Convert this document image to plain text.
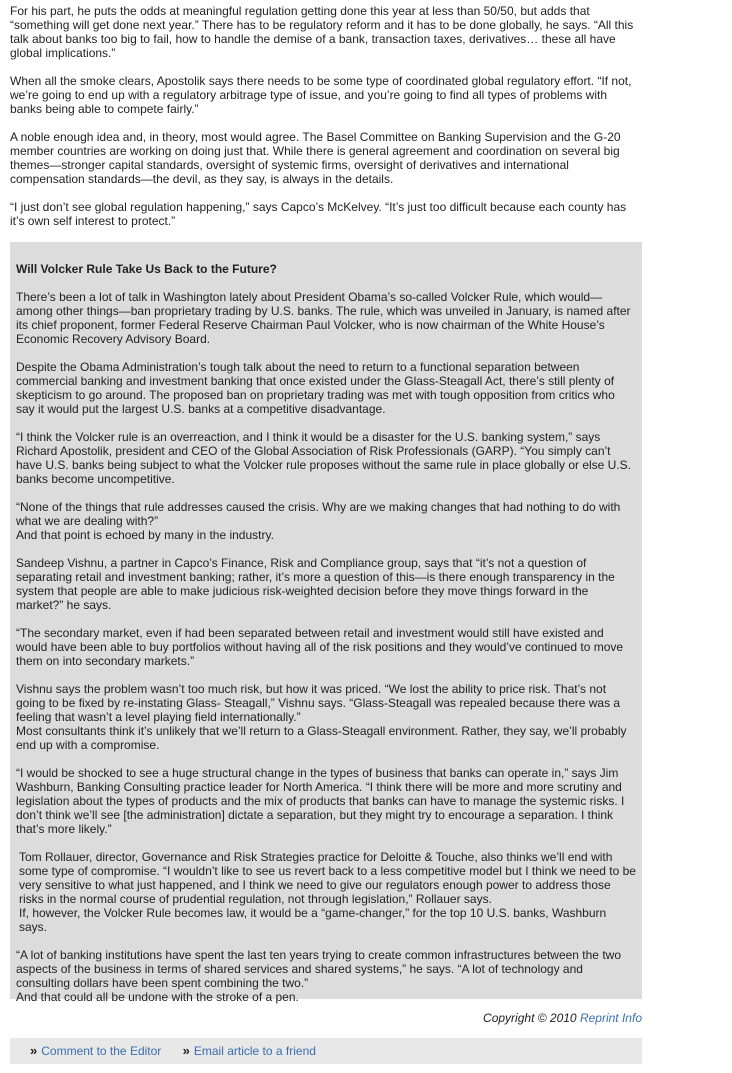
For his part, he puts the odds at meaningful regulation getting done this year at less than 50/50, but adds that “something will get done next year.” There has to be regulatory reform and it has to be done globally, he says. “All this talk about banks too big to fail, how to handle the demise of a bank, transaction taxes, derivatives… these all have global implications.”

When all the smoke clears, Apostolik says there needs to be some type of coordinated global regulatory effort. “If not, we’re going to end up with a regulatory arbitrage type of issue, and you’re going to find all types of problems with banks being able to compete fairly.”

A noble enough idea and, in theory, most would agree. The Basel Committee on Banking Supervision and the G-20 member countries are working on doing just that. While there is general agreement and coordination on several big themes—stronger capital standards, oversight of systemic firms, oversight of derivatives and international compensation standards—the devil, as they say, is always in the details.

“I just don’t see global regulation happening,” says Capco’s McKelvey. “It’s just too difficult because each county has it’s own self interest to protect.”

Will Volcker Rule Take Us Back to the Future?

There’s been a lot of talk in Washington lately about President Obama’s so-called Volcker Rule, which would—among other things—ban proprietary trading by U.S. banks. The rule, which was unveiled in January, is named after its chief proponent, former Federal Reserve Chairman Paul Volcker, who is now chairman of the White House’s Economic Recovery Advisory Board.

Despite the Obama Administration’s tough talk about the need to return to a functional separation between commercial banking and investment banking that once existed under the Glass-Steagall Act, there’s still plenty of skepticism to go around. The proposed ban on proprietary trading was met with tough opposition from critics who say it would put the largest U.S. banks at a competitive disadvantage.

“I think the Volcker rule is an overreaction, and I think it would be a disaster for the U.S. banking system,” says Richard Apostolik, president and CEO of the Global Association of Risk Professionals (GARP). “You simply can’t have U.S. banks being subject to what the Volcker rule proposes without the same rule in place globally or else U.S. banks become uncompetitive.

“None of the things that rule addresses caused the crisis. Why are we making changes that had nothing to do with what we are dealing with?”
And that point is echoed by many in the industry.

Sandeep Vishnu, a partner in Capco’s Finance, Risk and Compliance group, says that “it’s not a question of separating retail and investment banking; rather, it’s more a question of this—is there enough transparency in the system that people are able to make judicious risk-weighted decision before they move things forward in the market?” he says.

“The secondary market, even if had been separated between retail and investment would still have existed and would have been able to buy portfolios without having all of the risk positions and they would’ve continued to move them on into secondary markets.”

Vishnu says the problem wasn’t too much risk, but how it was priced. “We lost the ability to price risk. That’s not going to be fixed by re-instating Glass- Steagall,” Vishnu says. “Glass-Steagall was repealed because there was a feeling that wasn’t a level playing field internationally.”
Most consultants think it’s unlikely that we’ll return to a Glass-Steagall environment. Rather, they say, we’ll probably end up with a compromise.

“I would be shocked to see a huge structural change in the types of business that banks can operate in,” says Jim Washburn, Banking Consulting practice leader for North America. “I think there will be more and more scrutiny and legislation about the types of products and the mix of products that banks can have to manage the systemic risks. I don’t think we’ll see [the administration] dictate a separation, but they might try to encourage a separation. I think that’s more likely.”

Tom Rollauer, director, Governance and Risk Strategies practice for Deloitte & Touche, also thinks we’ll end with some type of compromise. “I wouldn’t like to see us revert back to a less competitive model but I think we need to be very sensitive to what just happened, and I think we need to give our regulators enough power to address those risks in the normal course of prudential regulation, not through legislation,” Rollauer says.
If, however, the Volcker Rule becomes law, it would be a “game-changer,” for the top 10 U.S. banks, Washburn says.

“A lot of banking institutions have spent the last ten years trying to create common infrastructures between the two aspects of the business in terms of shared services and shared systems,” he says. “A lot of technology and consulting dollars have been spent combining the two.”
And that could all be undone with the stroke of a pen.

Copyright © 2010 Reprint Info
» Comment to the Editor » Email article to a friend
